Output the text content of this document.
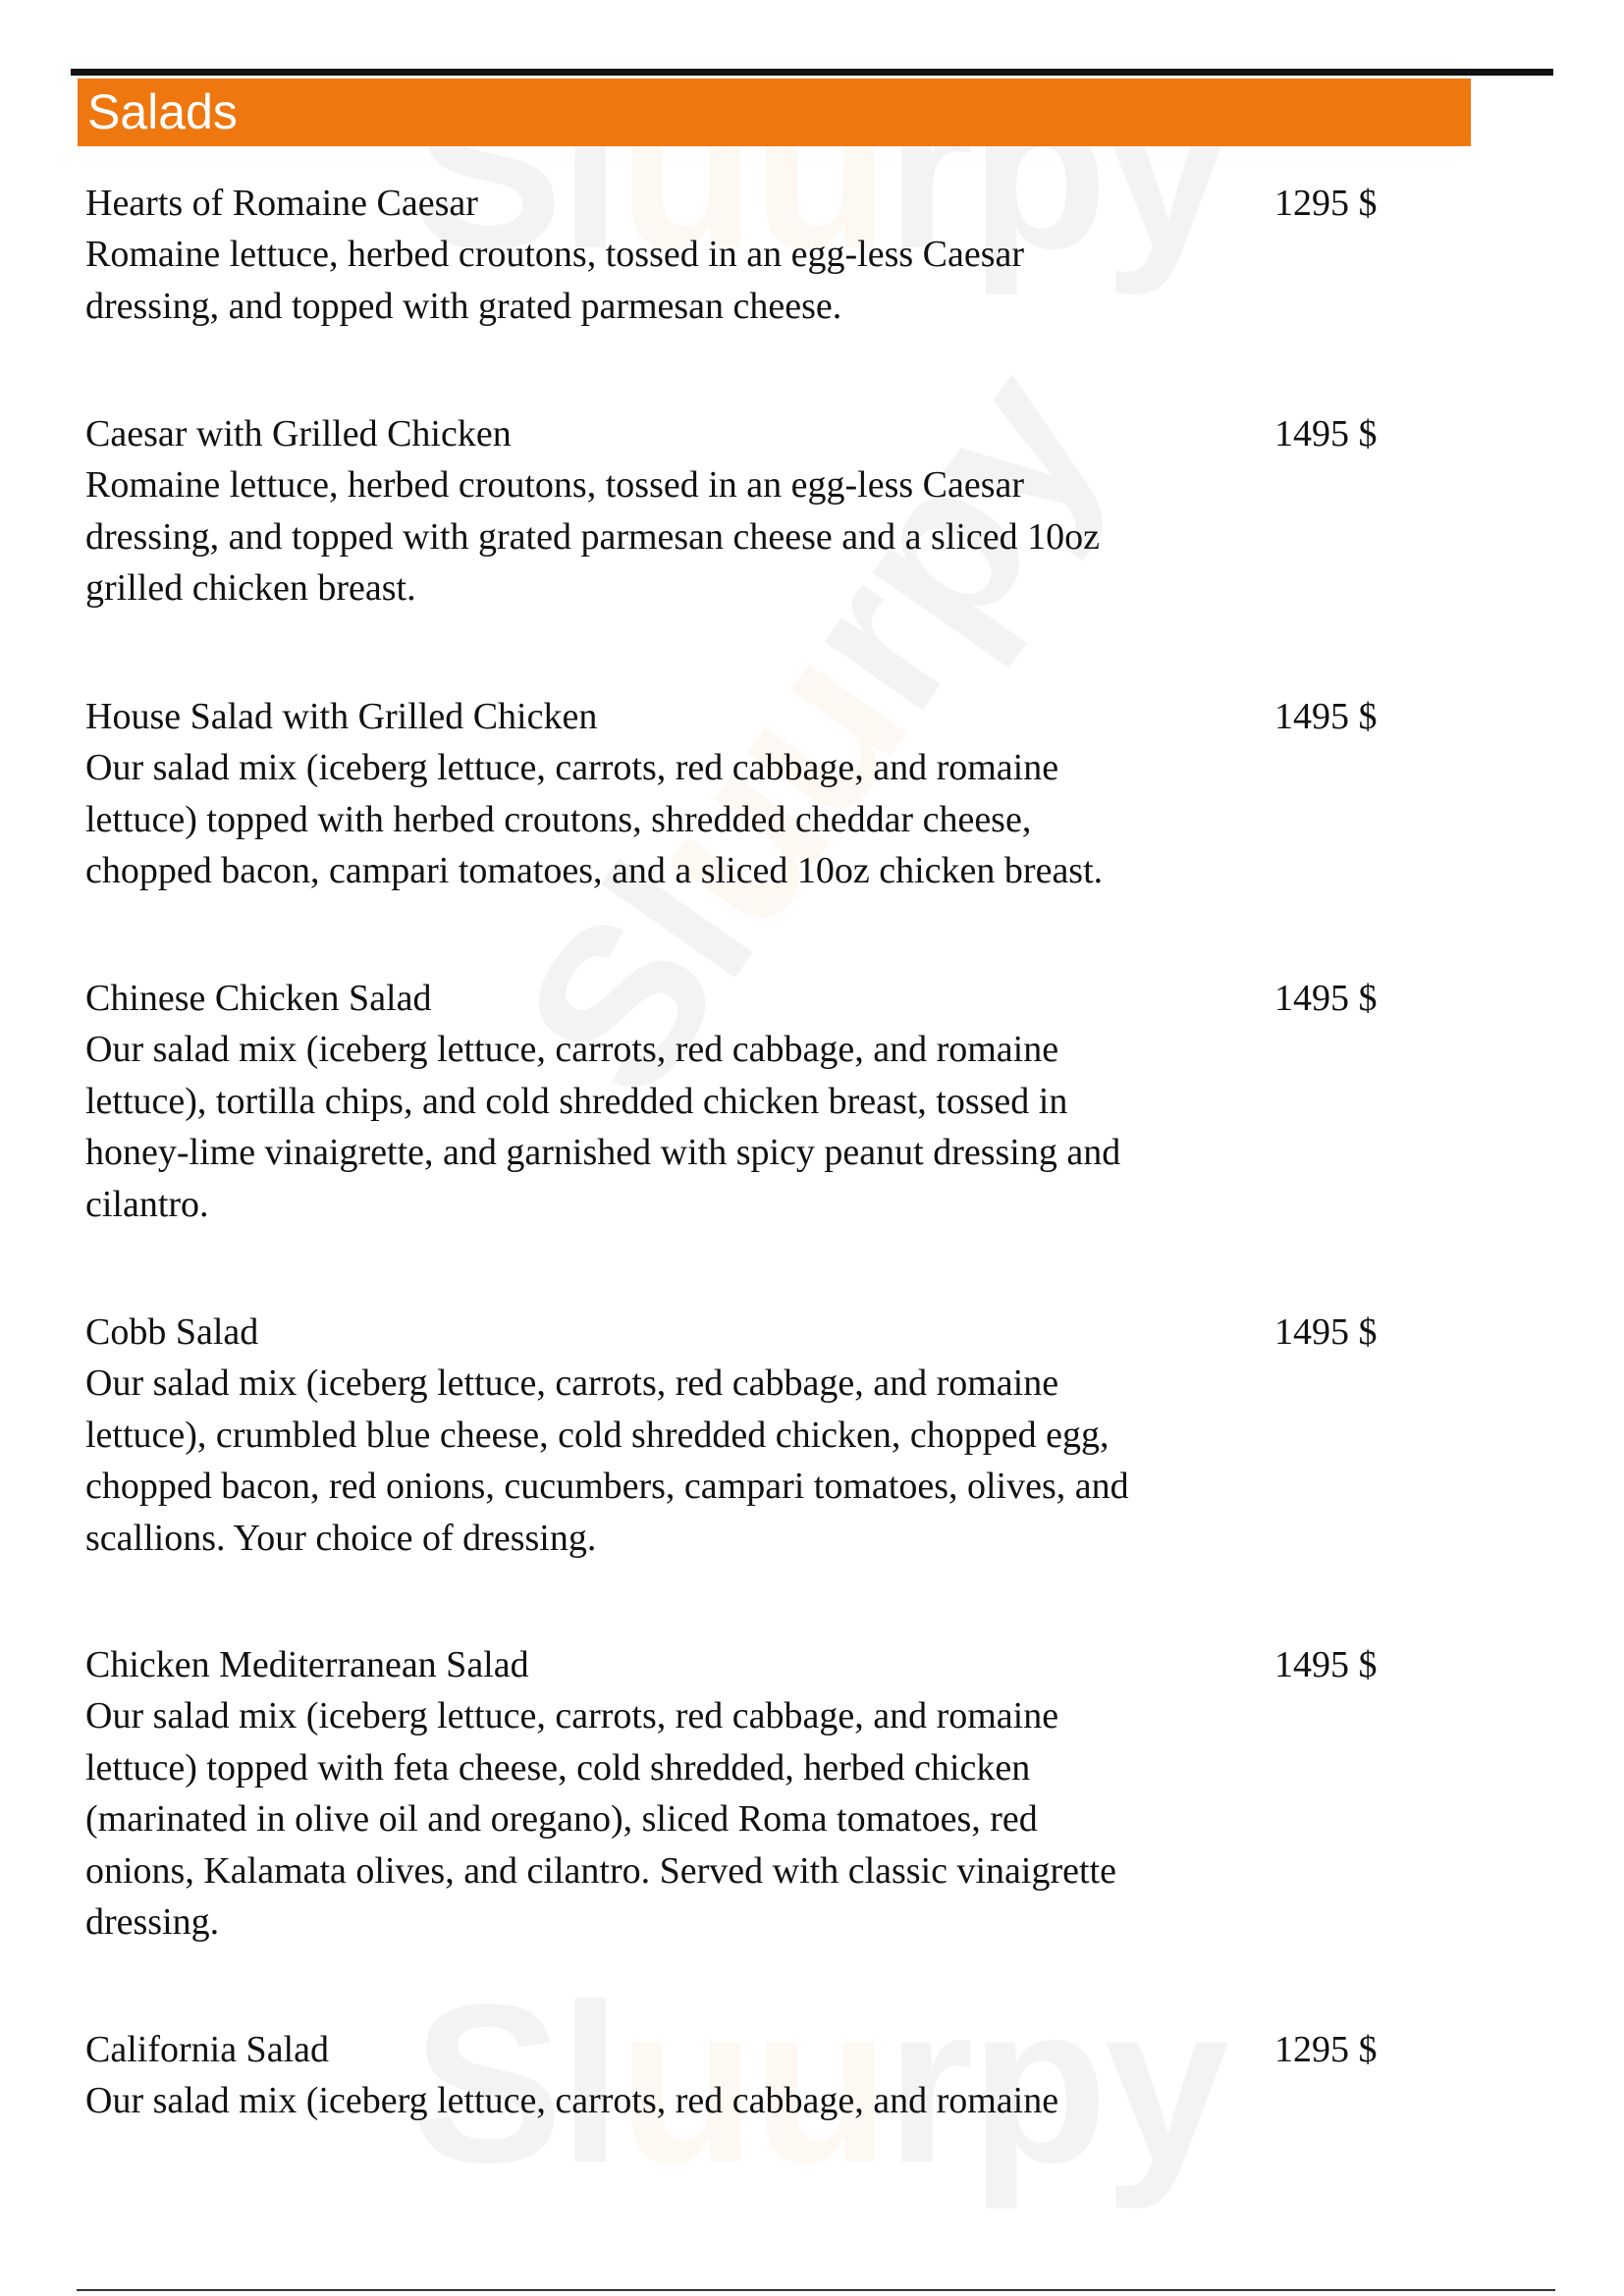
Salads

Hearts of Romaine Caesar	1295 $

Romaine lettuce, herbed croutons, tossed in an egg-less Caesar

dressing, and topped with grated parmesan cheese.

Caesar with Grilled Chicken	1495 $

Romaine lettuce, herbed croutons, tossed in an egg-less Caesar

dressing, and topped with grated parmesan cheese and a sliced 10oz

grilled chicken breast.

House Salad with Grilled Chicken	1495 $

Our salad mix (iceberg lettuce, carrots, red cabbage, and romaine

lettuce) topped with herbed croutons, shredded cheddar cheese,

chopped bacon, campari tomatoes, and a sliced 10oz chicken breast.

Chinese Chicken Salad	1495 $

Our salad mix (iceberg lettuce, carrots, red cabbage, and romaine

lettuce), tortilla chips, and cold shredded chicken breast, tossed in

honey-lime vinaigrette, and garnished with spicy peanut dressing and

cilantro.

Cobb Salad	1495 $

Our salad mix (iceberg lettuce, carrots, red cabbage, and romaine

lettuce), crumbled blue cheese, cold shredded chicken, chopped egg,

chopped bacon, red onions, cucumbers, campari tomatoes, olives, and

scallions. Your choice of dressing.

Chicken Mediterranean Salad	1495 $

Our salad mix (iceberg lettuce, carrots, red cabbage, and romaine

lettuce) topped with feta cheese, cold shredded, herbed chicken

(marinated in olive oil and oregano), sliced Roma tomatoes, red

onions, Kalamata olives, and cilantro. Served with classic vinaigrette

dressing.

California Salad	1295 $

Our salad mix (iceberg lettuce, carrots, red cabbage, and romaine
